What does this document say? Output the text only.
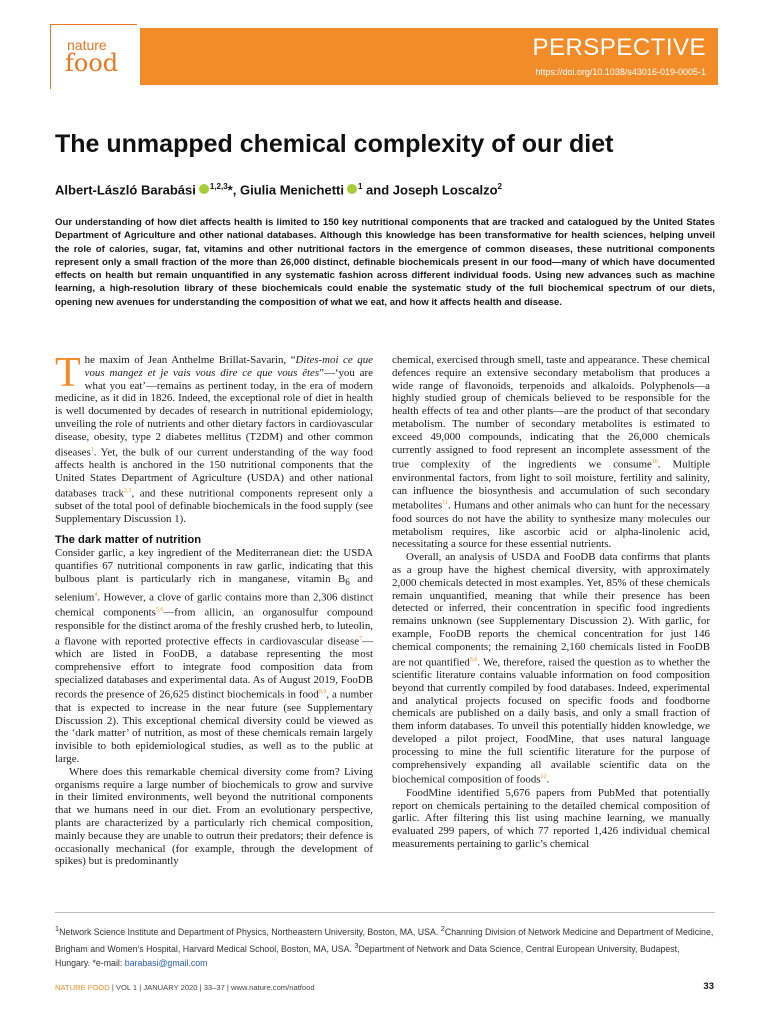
nature
food
PERSPECTIVE
https://doi.org/10.1038/s43016-019-0005-1
The unmapped chemical complexity of our diet
Albert-László Barabási $^{1,2,3}$*, Giulia Menichetti $^1$ and Joseph Loscalzo$^2$
Our understanding of how diet affects health is limited to 150 key nutritional components that are tracked and catalogued by the United States Department of Agriculture and other national databases. Although this knowledge has been transformative for health sciences, helping unveil the role of calories, sugar, fat, vitamins and other nutritional factors in the emergence of common diseases, these nutritional components represent only a small fraction of the more than 26,000 distinct, definable biochemicals present in our food—many of which have documented effects on health but remain unquantified in any systematic fashion across different individual foods. Using new advances such as machine learning, a high-resolution library of these biochemicals could enable the systematic study of the full biochemical spectrum of our diets, opening new avenues for understanding the composition of what we eat, and how it affects health and disease.

The maxim of Jean Anthelme Brillat-Savarin, “Dites-moi ce que vous mangez et je vais vous dire ce que vous êtes”—‘you are what you eat’—remains as pertinent today, in the era of modern medicine, as it did in 1826. Indeed, the exceptional role of diet in health is well documented by decades of research in nutritional epidemiology, unveiling the role of nutrients and other dietary factors in cardiovascular disease, obesity, type 2 diabetes mellitus (T2DM) and other common diseases$^1$. Yet, the bulk of our current understanding of the way food affects health is anchored in the 150 nutritional components that the United States Department of Agriculture (USDA) and other national databases track$^{2,3}$, and these nutritional components represent only a subset of the total pool of definable biochemicals in the food supply (see Supplementary Discussion 1).

The dark matter of nutrition

Consider garlic, a key ingredient of the Mediterranean diet: the USDA quantifies 67 nutritional components in raw garlic, indicating that this bulbous plant is particularly rich in manganese, vitamin $B_6$ and selenium$^4$. However, a clove of garlic contains more than 2,306 distinct chemical components$^{5,6}$—from allicin, an organosulfur compound responsible for the distinct aroma of the freshly crushed herb, to luteolin, a flavone with reported protective effects in cardiovascular disease$^7$—which are listed in FooDB, a database representing the most comprehensive effort to integrate food composition data from specialized databases and experimental data. As of August 2019, FooDB records the presence of 26,625 distinct biochemicals in food$^{8,9}$, a number that is expected to increase in the near future (see Supplementary Discussion 2). This exceptional chemical diversity could be viewed as the ‘dark matter’ of nutrition, as most of these chemicals remain largely invisible to both epidemiological studies, as well as to the public at large.

Where does this remarkable chemical diversity come from? Living organisms require a large number of biochemicals to grow and survive in their limited environments, well beyond the nutritional components that we humans need in our diet. From an evolutionary perspective, plants are characterized by a particularly rich chemical composition, mainly because they are unable to outrun their predators; their defence is occasionally mechanical (for example, through the development of spikes) but is predominantly

chemical, exercised through smell, taste and appearance. These chemical defences require an extensive secondary metabolism that produces a wide range of flavonoids, terpenoids and alkaloids. Polyphenols—a highly studied group of chemicals believed to be responsible for the health effects of tea and other plants—are the product of that secondary metabolism. The number of secondary metabolites is estimated to exceed 49,000 compounds, indicating that the 26,000 chemicals currently assigned to food represent an incomplete assessment of the true complexity of the ingredients we consume$^{10}$. Multiple environmental factors, from light to soil moisture, fertility and salinity, can influence the biosynthesis and accumulation of such secondary metabolites$^{11}$. Humans and other animals who can hunt for the necessary food sources do not have the ability to synthesize many molecules our metabolism requires, like ascorbic acid or alpha-linolenic acid, necessitating a source for these essential nutrients.

Overall, an analysis of USDA and FooDB data confirms that plants as a group have the highest chemical diversity, with approximately 2,000 chemicals detected in most examples. Yet, 85% of these chemicals remain unquantified, meaning that while their presence has been detected or inferred, their concentration in specific food ingredients remains unknown (see Supplementary Discussion 2). With garlic, for example, FooDB reports the chemical concentration for just 146 chemical components; the remaining 2,160 chemicals listed in FooDB are not quantified$^{5,6}$. We, therefore, raised the question as to whether the scientific literature contains valuable information on food composition beyond that currently compiled by food databases. Indeed, experimental and analytical projects focused on specific foods and foodborne chemicals are published on a daily basis, and only a small fraction of them inform databases. To unveil this potentially hidden knowledge, we developed a pilot project, FoodMine, that uses natural language processing to mine the full scientific literature for the purpose of comprehensively expanding all available scientific data on the biochemical composition of foods$^{12}$.

FoodMine identified 5,676 papers from PubMed that potentially report on chemicals pertaining to the detailed chemical composition of garlic. After filtering this list using machine learning, we manually evaluated 299 papers, of which 77 reported 1,426 individual chemical measurements pertaining to garlic’s chemical

$^1$Network Science Institute and Department of Physics, Northeastern University, Boston, MA, USA. $^2$Channing Division of Network Medicine and Department of Medicine, Brigham and Women’s Hospital, Harvard Medical School, Boston, MA, USA. $^3$Department of Network and Data Science, Central European University, Budapest, Hungary. *e-mail: barabasi@gmail.com
NATURE FOOD | VOL 1 | JANUARY 2020 | 33–37 | www.nature.com/natfood	33
